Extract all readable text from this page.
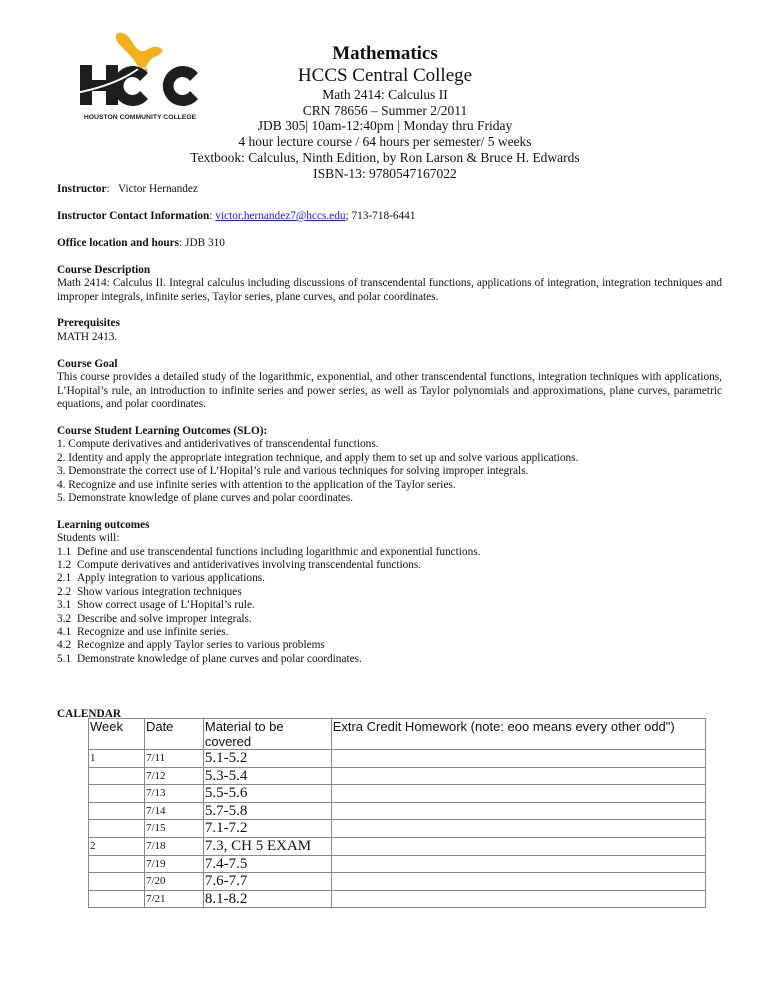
HOUSTON COMMUNITY COLLEGE
Mathematics
HCCS Central College
Math 2414: Calculus II
CRN 78656 – Summer 2/2011
JDB 305| 10am-12:40pm | Monday thru Friday
4 hour lecture course / 64 hours per semester/ 5 weeks
Textbook: Calculus, Ninth Edition, by Ron Larson & Bruce H. Edwards
ISBN-13: 9780547167022

Instructor:   Victor Hernandez

Instructor Contact Information: victor.hernandez7@hccs.edu; 713-718-6441

Office location and hours: JDB 310

Course Description

Math 2414: Calculus II. Integral calculus including discussions of transcendental functions, applications of integration, integration techniques and improper integrals, infinite series, Taylor series, plane curves, and polar coordinates.

Prerequisites

MATH 2413.

Course Goal

This course provides a detailed study of the logarithmic, exponential, and other transcendental functions, integration techniques with applications, L’Hopital’s rule, an introduction to infinite series and power series, as well as Taylor polynomials and approximations, plane curves, parametric equations, and polar coordinates.

Course Student Learning Outcomes (SLO):

1. Compute derivatives and antiderivatives of transcendental functions.

2. Identity and apply the appropriate integration technique, and apply them to set up and solve various applications.

3. Demonstrate the correct use of L’Hopital’s rule and various techniques for solving improper integrals.

4. Recognize and use infinite series with attention to the application of the Taylor series.

5. Demonstrate knowledge of plane curves and polar coordinates.

Learning outcomes

Students will:

1.1 Define and use transcendental functions including logarithmic and exponential functions.
1.2 Compute derivatives and antiderivatives involving transcendental functions.
2.1 Apply integration to various applications.
2.2 Show various integration techniques
3.1 Show correct usage of L’Hopital’s rule.
3.2 Describe and solve improper integrals.
4.1 Recognize and use infinite series.
4.2 Recognize and apply Taylor series to various problems
5.1 Demonstrate knowledge of plane curves and polar coordinates.
CALENDAR
Week	Date	Material to be covered	Extra Credit Homework (note: eoo means every other odd")
1	7/11	5.1-5.2	
	7/12	5.3-5.4	
	7/13	5.5-5.6	
	7/14	5.7-5.8	
	7/15	7.1-7.2	
2	7/18	7.3, CH 5 EXAM	
	7/19	7.4-7.5	
	7/20	7.6-7.7	
	7/21	8.1-8.2	
